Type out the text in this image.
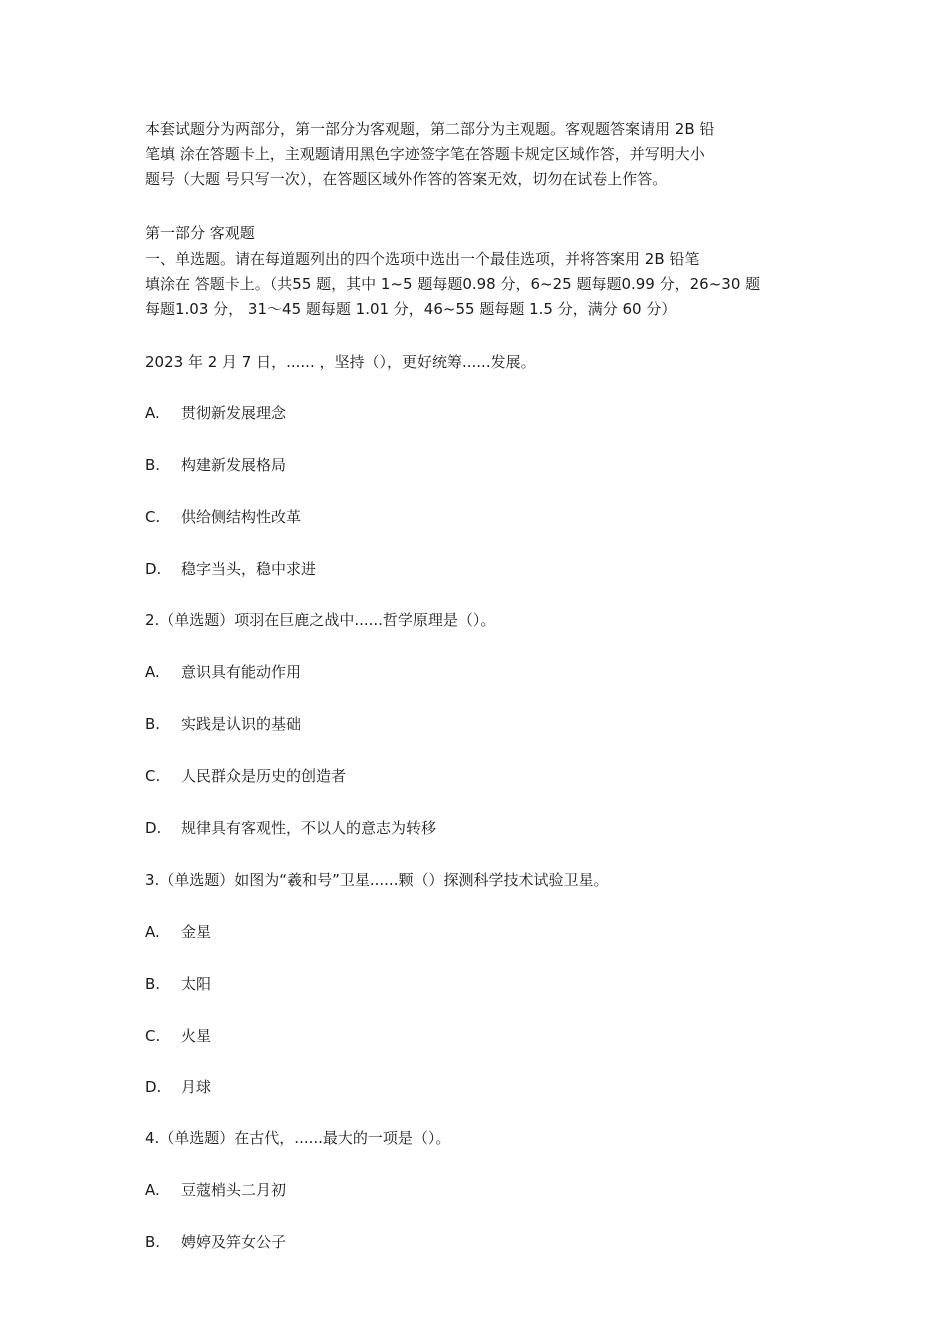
本套试题分为两部分，第一部分为客观题，第二部分为主观题。客观题答案请用 2B 铅
笔填 涂在答题卡上，主观题请用黑色字迹签字笔在答题卡规定区域作答，并写明大小
题号（大题 号只写一次），在答题区域外作答的答案无效，切勿在试卷上作答。
第一部分 客观题
一、单选题。请在每道题列出的四个选项中选出一个最佳选项，并将答案用 2B 铅笔
填涂在 答题卡上。（共55 题，其中 1~5 题每题0.98 分，6~25 题每题0.99 分，26~30 题
每题1.03 分， 31～45 题每题 1.01 分，46~55 题每题 1.5 分，满分 60 分）
2023 年 2 月 7 日，...... ，坚持（），更好统筹......发展。
A. 贯彻新发展理念
B. 构建新发展格局
C. 供给侧结构性改革
D. 稳字当头，稳中求进
2.（单选题）项羽在巨鹿之战中......哲学原理是（）。
A.意识具有能动作用
B. 实践是认识的基础
C. 人民群众是历史的创造者
D. 规律具有客观性，不以人的意志为转移
3.（单选题）如图为“羲和号”卫星......颗（）探测科学技术试验卫星。
A. 金星
B. 太阳
C. 火星
D. 月球
4.（单选题）在古代，......最大的一项是（）。
A. 豆蔻梢头二月初
B. 娉婷及笄女公子
